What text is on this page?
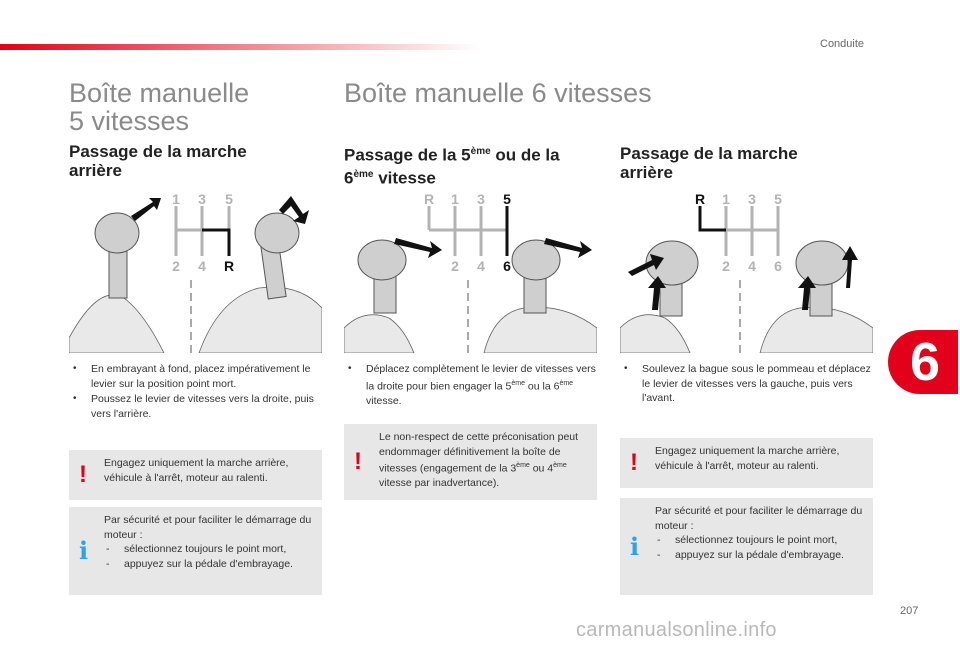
Conduite
6
Boîte manuelle
5 vitesses
Passage de la marche
arrière
1 3 5
2 4 R
• En embrayant à fond, placez impérativement le levier sur la position point mort.
• Poussez le levier de vitesses vers la droite, puis vers l'arrière.
! Engagez uniquement la marche arrière, véhicule à l'arrêt, moteur au ralenti.
i
Par sécurité et pour faciliter le démarrage du moteur :
- sélectionnez toujours le point mort,
- appuyez sur la pédale d'embrayage.
Boîte manuelle 6 vitesses
Passage de la 5ème ou de la
6ème vitesse
R 1 3 5
2 4 6
• Déplacez complètement le levier de vitesses vers la droite pour bien engager la 5ème ou la 6ème vitesse.
!
Le non-respect de cette préconisation peut endommager définitivement la boîte de vitesses (engagement de la 3ème ou 4ème vitesse par inadvertance).
Passage de la marche
arrière
R 1 3 5
2 4 6
• Soulevez la bague sous le pommeau et déplacez le levier de vitesses vers la gauche, puis vers l'avant.
! Engagez uniquement la marche arrière, véhicule à l'arrêt, moteur au ralenti.
i
Par sécurité et pour faciliter le démarrage du moteur :
- sélectionnez toujours le point mort,
- appuyez sur la pédale d'embrayage.
207
carmanualsonline.info
